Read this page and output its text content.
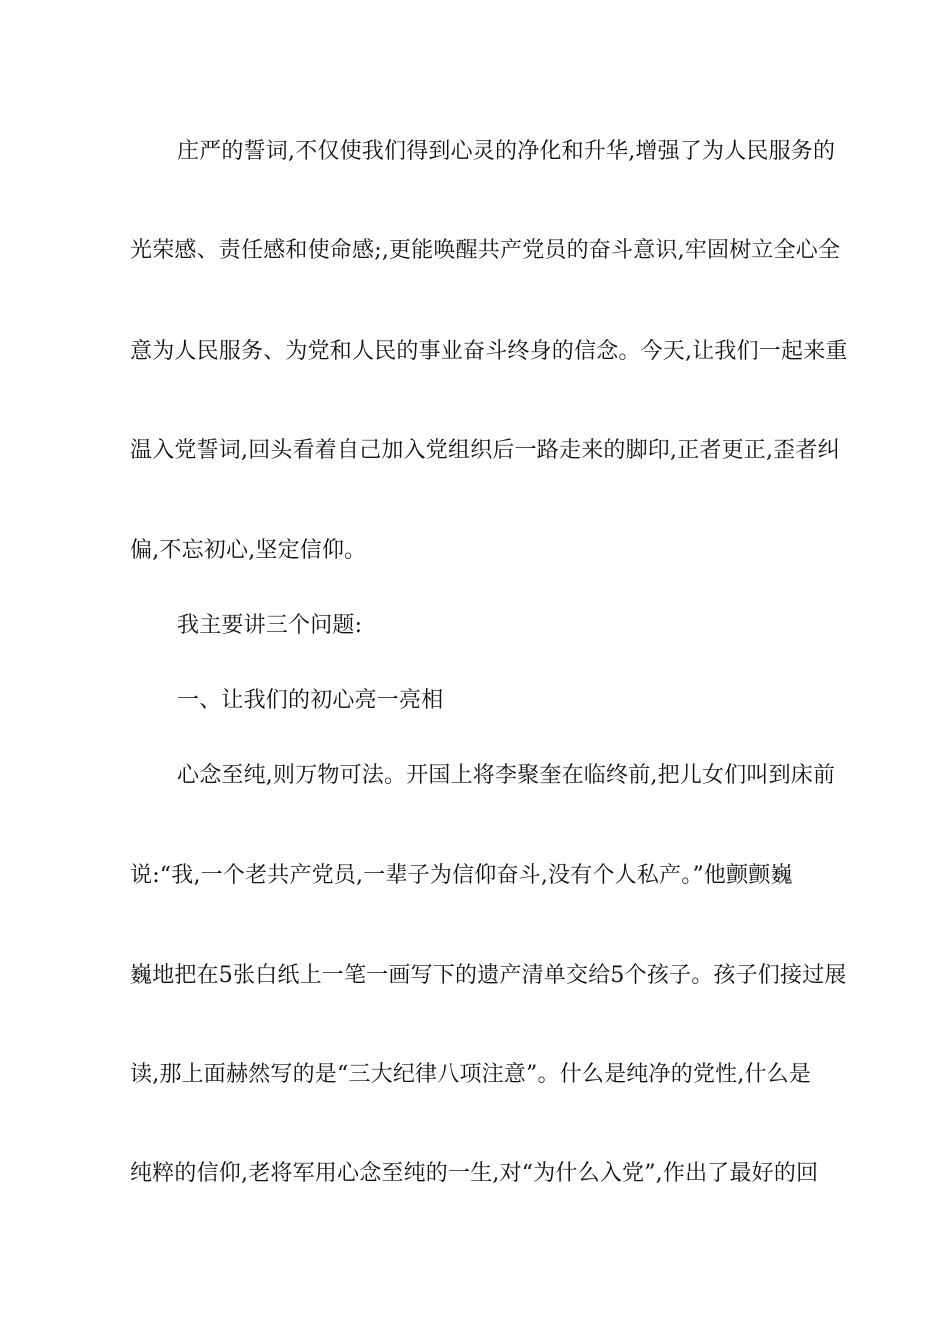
庄严的誓词,不仅使我们得到心灵的净化和升华,增强了为人民服务的
光荣感、责任感和使命感;,更能唤醒共产党员的奋斗意识,牢固树立全心全
意为人民服务、为党和人民的事业奋斗终身的信念。今天,让我们一起来重
温入党誓词,回头看着自己加入党组织后一路走来的脚印,正者更正,歪者纠
偏,不忘初心,坚定信仰。
我主要讲三个问题:
一、让我们的初心亮一亮相
心念至纯,则万物可法。开国上将李聚奎在临终前,把儿女们叫到床前
说:“我,一个老共产党员,一辈子为信仰奋斗,没有个人私产。”他颤颤巍
巍地把在5张白纸上一笔一画写下的遗产清单交给5个孩子。孩子们接过展
读,那上面赫然写的是“三大纪律八项注意”。什么是纯净的党性,什么是
纯粹的信仰,老将军用心念至纯的一生,对“为什么入党”,作出了最好的回
